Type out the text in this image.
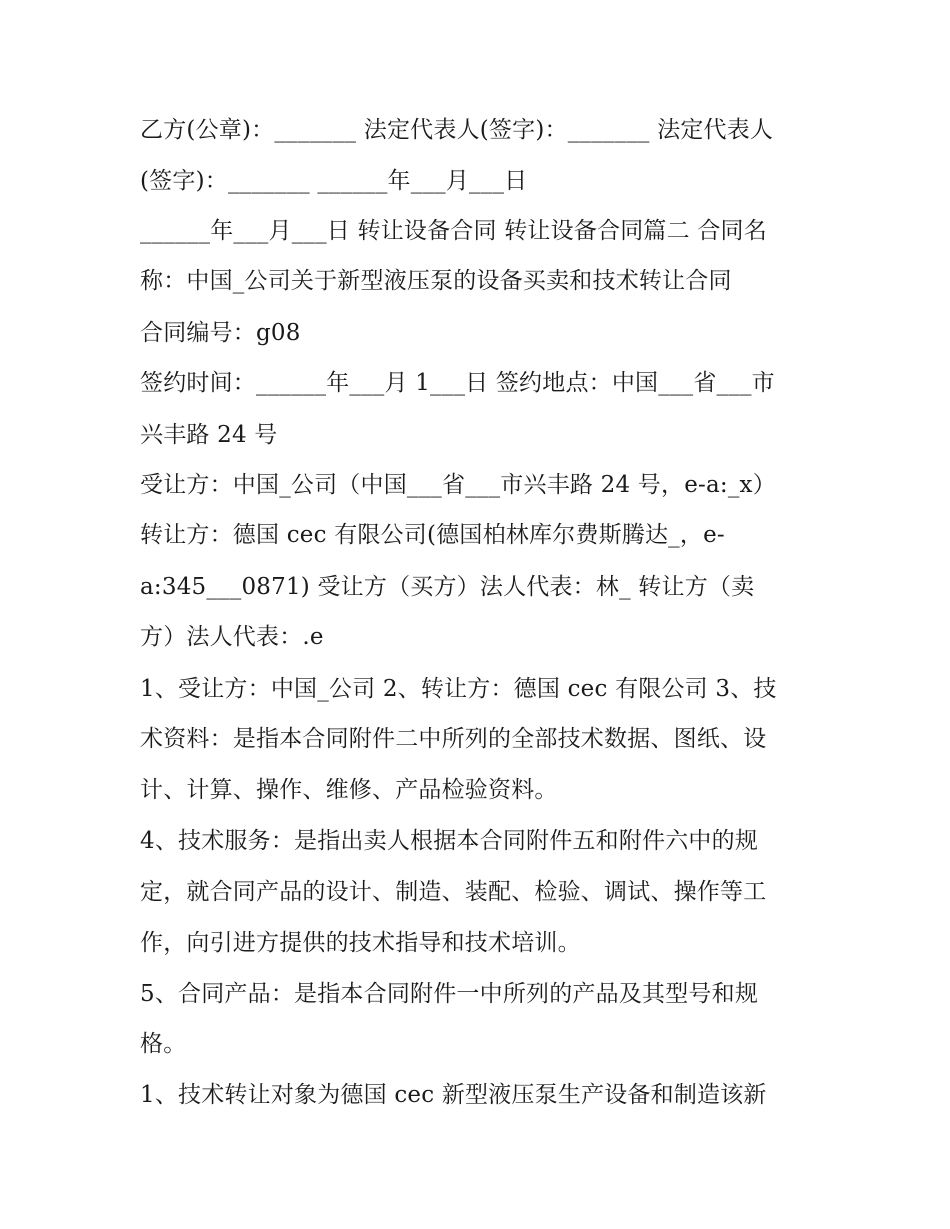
乙方(公章)：_______ 法定代表人(签字)：_______ 法定代表人
(签字)：_______ ______年___月___日
______年___月___日 转让设备合同 转让设备合同篇二 合同名
称：中国_公司关于新型液压泵的设备买卖和技术转让合同
合同编号：g08
签约时间：______年___月 1___日 签约地点：中国___省___市
兴丰路 24 号
受让方：中国_公司（中国___省___市兴丰路 24 号，e-a:_x）
转让方：德国 cec 有限公司(德国柏林库尔费斯腾达_，e-
a:345___0871) 受让方（买方）法人代表：林_ 转让方（卖
方）法人代表：.e
1、受让方：中国_公司 2、转让方：德国 cec 有限公司 3、技
术资料：是指本合同附件二中所列的全部技术数据、图纸、设
计、计算、操作、维修、产品检验资料。
4、技术服务：是指出卖人根据本合同附件五和附件六中的规
定，就合同产品的设计、制造、装配、检验、调试、操作等工
作，向引进方提供的技术指导和技术培训。
5、合同产品：是指本合同附件一中所列的产品及其型号和规
格。
1、技术转让对象为德国 cec 新型液压泵生产设备和制造该新
